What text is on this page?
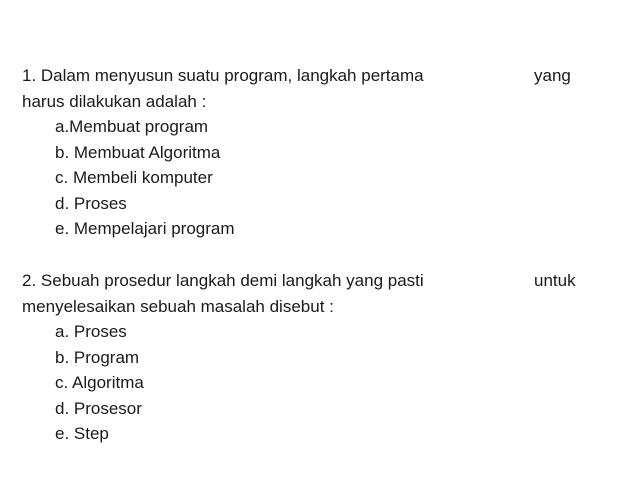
1. Dalam menyusun suatu program, langkah pertama	yang
harus dilakukan adalah :
a.Membuat program
b. Membuat Algoritma
c. Membeli komputer
d. Proses
e. Mempelajari program
2. Sebuah prosedur langkah demi langkah yang pasti	untuk
menyelesaikan sebuah masalah disebut :
a. Proses
b. Program
c. Algoritma
d. Prosesor
e. Step
